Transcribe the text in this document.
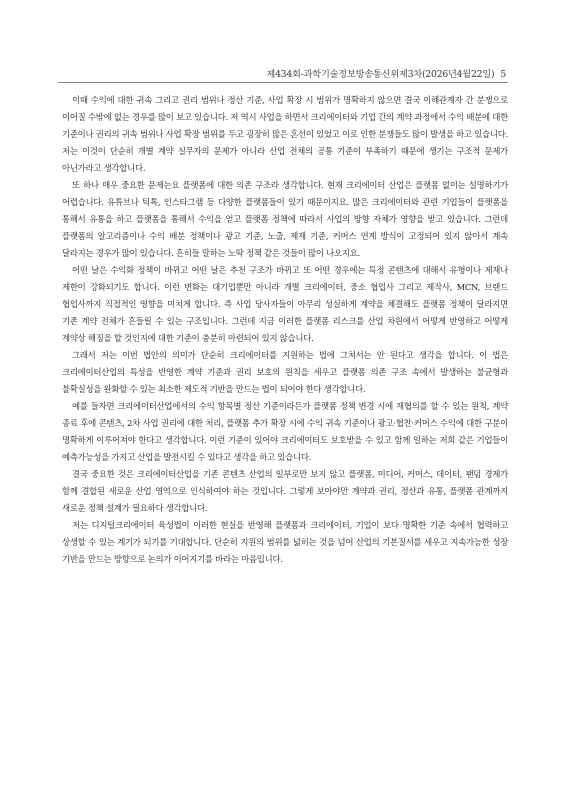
제434회-과학기술정보방송통신위제3차(2026년4월22일) 5

이때 수익에 대한 귀속 그리고 권리 범위나 정산 기준, 사업 확장 시 범위가 명확하지 않으면 결국 이해관계자 간 분쟁으로 이어질 수밖에 없는 경우를 많이 보고 있습니다. 저 역시 사업을 하면서 크리에이터와 기업 간의 계약 과정에서 수익 배분에 대한 기준이나 권리의 귀속 범위나 사업 확장 범위를 두고 굉장히 많은 혼선이 있었고 이로 인한 분쟁들도 많이 발생을 하고 있습니다. 저는 이것이 단순히 개별 계약 실무자의 문제가 아니라 산업 전체의 공통 기준이 부족하기 때문에 생기는 구조적 문제가 아닌가라고 생각합니다.

또 하나 매우 중요한 문제는요 플랫폼에 대한 의존 구조라 생각합니다. 현재 크리에이터 산업은 플랫폼 없이는 설명하기가 어렵습니다. 유튜브나 틱톡, 인스타그램 등 다양한 플랫폼들이 있기 때문이지요. 많은 크리에이터와 관련 기업들이 플랫폼을 통해서 유통을 하고 플랫폼을 통해서 수익을 얻고 플랫폼 정책에 따라서 사업의 방향 자체가 영향을 받고 있습니다. 그런데 플랫폼의 알고리즘이나 수익 배분 정책이나 광고 기준, 노출, 제재 기준, 커머스 연계 방식이 고정되어 있지 않아서 계속 달라지는 경우가 많이 있습니다. 흔히들 말하는 노딱 정책 같은 것들이 많이 나오지요.

어떤 날은 수익화 정책이 바뀌고 어떤 날은 추천 구조가 바뀌고 또 어떤 경우에는 특정 콘텐츠에 대해서 유형이나 제재나 제한이 강화되기도 합니다. 이런 변화는 대기업뿐만 아니라 개별 크리에이터, 중소 협업사 그리고 제작사, MCN, 브랜드 협업사까지 직접적인 영향을 미치게 합니다. 즉 사업 당사자들이 아무리 성실하게 계약을 체결해도 플랫폼 정책이 달라지면 기존 계약 전체가 흔들릴 수 있는 구조입니다. 그런데 지금 이러한 플랫폼 리스크를 산업 차원에서 어떻게 반영하고 어떻게 계약상 해징을 할 것인지에 대한 기준이 충분히 마련되어 있지 않습니다.

그래서 저는 이번 법안의 의미가 단순히 크리에이터를 지원하는 법에 그쳐서는 안 된다고 생각을 합니다. 이 법은 크리에이터산업의 특성을 반영한 계약 기준과 권리 보호의 원칙을 세우고 플랫폼 의존 구조 속에서 발생하는 불균형과 불확실성을 완화할 수 있는 최소한 제도적 기반을 만드는 법이 되어야 한다 생각합니다.

예를 들자면 크리에이터산업에서의 수익 항목별 정산 기준이라든가 플랫폼 정책 변경 시에 재협의를 할 수 있는 원칙, 계약 종료 후에 콘텐츠, 2차 사업 권리에 대한 처리, 플랫폼 추가 확장 시에 수익 귀속 기준이나 광고·협찬·커머스 수익에 대한 구분이 명확하게 이루어져야 한다고 생각합니다. 이런 기준이 있어야 크리에이터도 보호받을 수 있고 함께 일하는 저희 같은 기업들이 예측가능성을 가지고 산업을 발전시킬 수 있다고 생각을 하고 있습니다.

결국 중요한 것은 크리에이터산업을 기존 콘텐츠 산업의 일부로만 보지 않고 플랫폼, 미디어, 커머스, 데이터, 팬덤 경제가 함께 결합된 새로운 산업 영역으로 인식하여야 하는 것입니다. 그렇게 보아야만 계약과 권리, 정산과 유통, 플랫폼 관계까지 새로운 정책 설계가 필요하다 생각합니다.

저는 디지털크리에이터 육성법이 이러한 현실을 반영해 플랫폼과 크리에이터, 기업이 보다 명확한 기준 속에서 협력하고 상생할 수 있는 계기가 되기를 기대합니다. 단순히 지원의 범위를 넓히는 것을 넘어 산업의 기본질서를 세우고 지속가능한 성장 기반을 만드는 방향으로 논의가 이어지기를 바라는 마음입니다.
